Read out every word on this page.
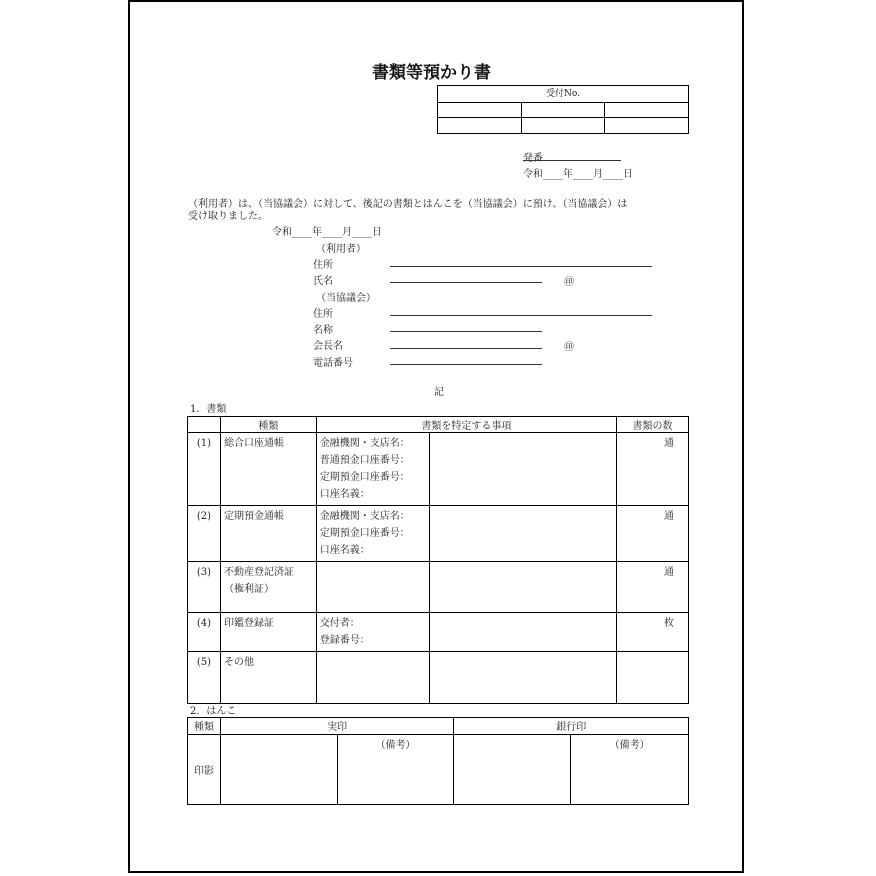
書類等預かり書
受付No.		

発番
令和____年____月____日
（利用者）は、（当協議会）に対して、後記の書類とはんこを（当協議会）に預け、（当協議会）は
受け取りました。
令和____年____月____日
（利用者）
住所
氏名	㊞
（当協議会）
住所
名称
会長名	㊞
電話番号
記
1．書類
	種類	書類を特定する事項		書類の数

(1)	総合口座通帳	金融機関・支店名：
普通預金口座番号：
定期預金口座番号：
口座名義：		通

(2)	定期預金通帳	金融機関・支店名：
定期預金口座番号：
口座名義：		通

(3)	不動産登記済証
（権利証）			通

(4)	印鑑登録証	交付者：
登録番号：		枚

(5)	その他			

2．はんこ
種類	実印		銀行印	

印影		（備考）		（備考）
